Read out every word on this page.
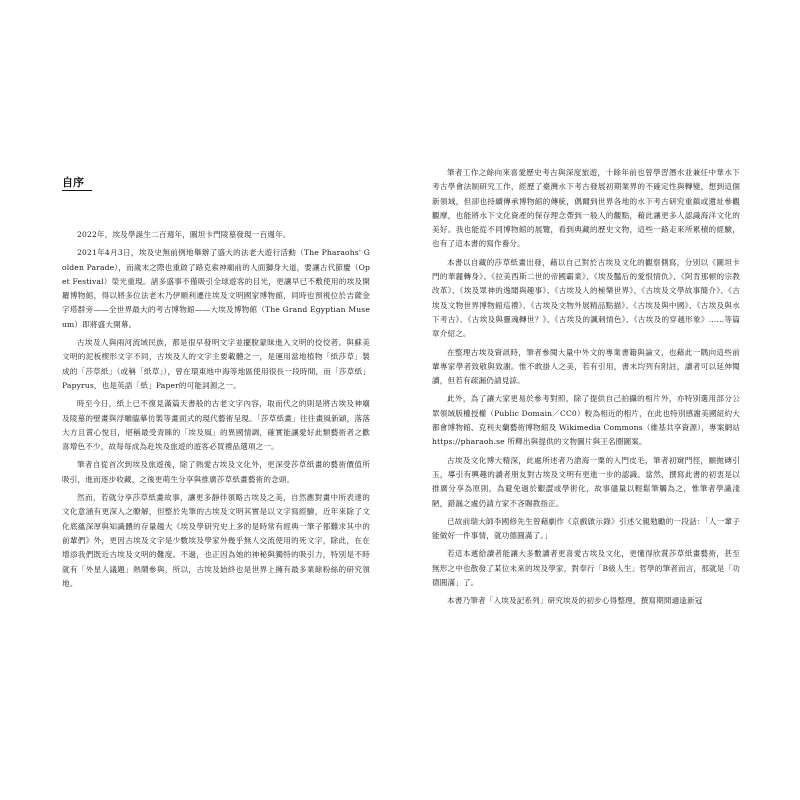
自序

2022年，埃及學誕生二百週年，圖坦卡門陵墓發現一百週年。

2021年4月3日，埃及史無前例地舉辦了盛大的法老大遊行活動（The Pharaohs' Golden Parade），而歲末之際也重啟了路克索神廟前的人面獅身大道，要讓古代節慶（Opet Festival）榮光重現。諸多盛事不僅吸引全球遊客的目光，更讓早已不敷使用的埃及開羅博物館，得以將多位法老木乃伊順利遷往埃及文明國家博物館，同時也預視位於吉薩金字塔群旁——全世界最大的考古博物館——大埃及博物館（The Grand Egyptian Museum）即將盛大開幕。

古埃及人與兩河流域民族，都是很早發明文字並擺脫蒙昧進入文明的佼佼者。與蘇美文明的泥板楔形文字不同，古埃及人的文字主要載體之一，是運用當地植物「紙莎草」製成的「莎草紙」（或稱「紙草」），曾在環東地中海等地區使用很長一段時間，而「莎草紙」Papyrus，也是英語「紙」Paper的可能詞源之一。

時至今日，紙上已不復見滿篇天書般的古老文字內容，取而代之的則是將古埃及神廟及陵墓的壁畫與浮雕臨摹仿製等畫面式的現代藝術呈現。「莎草紙畫」往往畫風新穎，落落大方且賞心悅目，堪稱最受青睞的「埃及風」的異國情調，確實能讓愛好此類藝術者之歡喜增色不少，故每每成為赴埃及旅遊的遊客必買禮品選項之一。

筆者自從首次到埃及旅遊後，除了熱愛古埃及文化外，更深受莎草紙畫的藝術價值所吸引，進而逐步收藏，之後更萌生分享與推廣莎草紙畫藝術的念頭。

然而，若就分享莎草紙畫故事，讓更多靜伴領略古埃及之美，自然應對畫中所表達的文化意涵有更深入之瞭解，但整於先筆的古埃及文明其實是以文字寫經驗，近年來除了文化底蘊深厚與知識體的存量趨大《埃及學研究史上多的是時常有經典一筆子都難求其中的前輩們》外，更因古埃及文字是少數埃及學家外幾乎無人交流使用的死文字，除此，在在增添我們既近古埃及文明的難度。不過，也正因為她的神秘與獨特的吸引力，特別是不時就有「外星人議題」熱鬧參與，所以，古埃及始終也是世界上擁有最多業餘粉絲的研究領地。

筆者工作之餘向來喜愛歷史考古與深度旅遊，十餘年前也曾學習潛水並兼任中華水下考古學會法制研究工作，經歷了臺灣水下考古發展初期業界的不確定性與轉變，想到這個新領域，但卻也持續傳承博物館的傳統，偶爾到世界各地的水下考古研究重鎮或遺址參觀觀摩，也能將水下文化資產的保存理念帶到一般人的觀點，藉此讓更多人認識海洋文化的美好。我也能從不同博物館的展覽，看到典藏的歷史文物，這些一路走來所累積的經驗，也有了這本書的寫作養分。

本書以自藏的莎草紙畫出發，藉以自己對於古埃及文化的觀察側寫，分別以《圖坦卡門的華麗轉身》、《拉美西斯二世的帝國霸業》、《埃及豔后的愛恨情仇》、《阿肯那頓的宗教改革》、《埃及眾神的逸聞與趣事》、《古埃及人的極樂世界》、《古埃及文學故事簡介》、《古埃及文物世界博物館巡禮》、《古埃及文物外展精品點描》、《古埃及與中國》、《古埃及與水下考古》、《古埃及與靈魂轉世？》、《古埃及的諷刺情色》、《古埃及的穿越形象》……等篇章介紹之。

在整理古埃及資訊時，筆者參閱大量中外文的專業書籍與論文，也藉此一隅向這些前輩專家學者致敬與致謝。惟不敢掛人之美，若有引用，書末均列有附註，讀者可以延伸閱讀，但若有疏漏仍請見諒。

此外，為了讓大家更易於參考對照，除了提供自己拍攝的相片外，亦特別選用部分公眾領域版權授權（Public Domain／CC0）較為相近的相片，在此也特別感謝美國紐約大都會博物館、克利夫蘭藝術博物館及 Wikimedia Commons（維基共享資源），專案網站 https://pharaoh.se 所釋出與提供的文物圖片與王名圈圖案。

古埃及文化博大精深，此處所述者乃滄海一粟的入門皮毛，筆者初窺門徑，願拋磚引玉，導引有興趣的讀者朋友對古埃及文明有更進一步的認識。當然，撰寫此書的初衷是以推廣分享為原則，為避免過於艱澀或學術化，故事儘量以輕鬆筆觸為之，惟筆者學識淺陋，錯漏之處仍請方家不吝賜教指正。

已故前瑞大師李國修先生曾藉劇作《京戲啟示錄》引述父親勉勵的一段話：「人一輩子能做好一件事情，就功德圓滿了。」

若這本遞給讀者能讓大多數讀者更喜愛古埃及文化，更懂得欣賞莎草紙畫藝術，甚至無形之中也散發了某位未來的埃及學家，對奉行「B級人生」哲學的筆者而言，那就是「功德圓滿」了。

本書乃筆者「入埃及記系列」研究埃及的初步心得整理，撰寫期間適逢新冠
